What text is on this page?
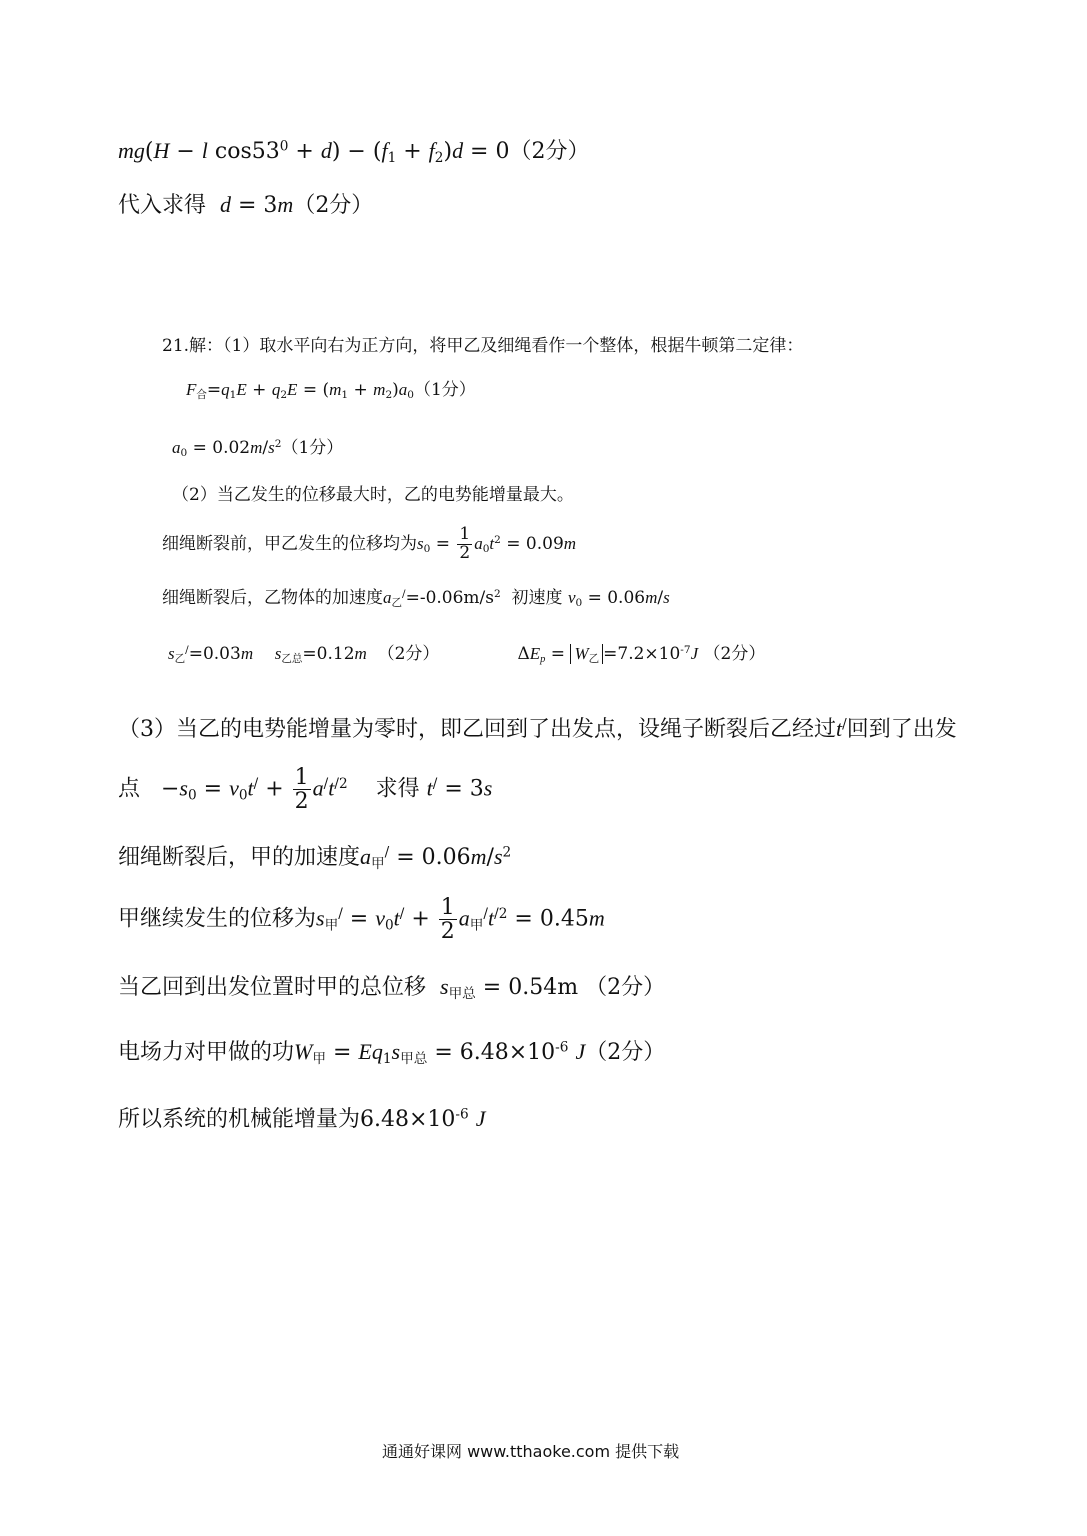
mg(H − l $\cos 53^0 + d) - (f_1 + f_2)d = 0(2$分）
代入求得  d = 3m（2分）
21.解：（1）取水平向右为正方向，将甲乙及细绳看作一个整体，根据牛顿第二定律：
$F_合=q_1E + q_2E = (m_1 + m_2)a_0(1$分）
$a_0 = 0.02m/s^2(1$分）
（2）当乙发生的位移最大时，乙的电势能增量最大。
细绳断裂前，甲乙发生的位移均为$s_0 = \frac{1}{2} a_0t^2 = 0.09m$
细绳断裂后，乙物体的加速度$a_乙^/=-0.06m/s^2$  初速度 $v_0 = 0.06m/s$
$s_乙^/=0.03m$ $s_{乙总}=0.12m$  （2分）	$\Delta E_p = W_乙 =7.2\times 10^{-7}J$ （2分）
（3）当乙的电势能增量为零时，即乙回到了出发点，设绳子断裂后乙经过t/回到了出发
点   $-s_0 = v_0t^/ + \frac{1}{2} a^/t^{/2}$    求得 t/ = 3s
细绳断裂后，甲的加速度$a_甲^/ = 0.06m/s^2$
甲继续发生的位移为$s_甲^/ = v_0t^/ + \frac{1}{2} a_甲^/t^{/2} = 0.45m$
当乙回到出发位置时甲的总位移  $s_{甲总} = 0.54m$ （2分）
电场力对甲做的功$W_甲 = Eq_1s_{甲总} = 6.48\times 10^{-6}$ J（2分）
所以系统的机械能增量为$6.48\times 10^{-6}$ J
通通好课网 www.tthaoke.com 提供下载
